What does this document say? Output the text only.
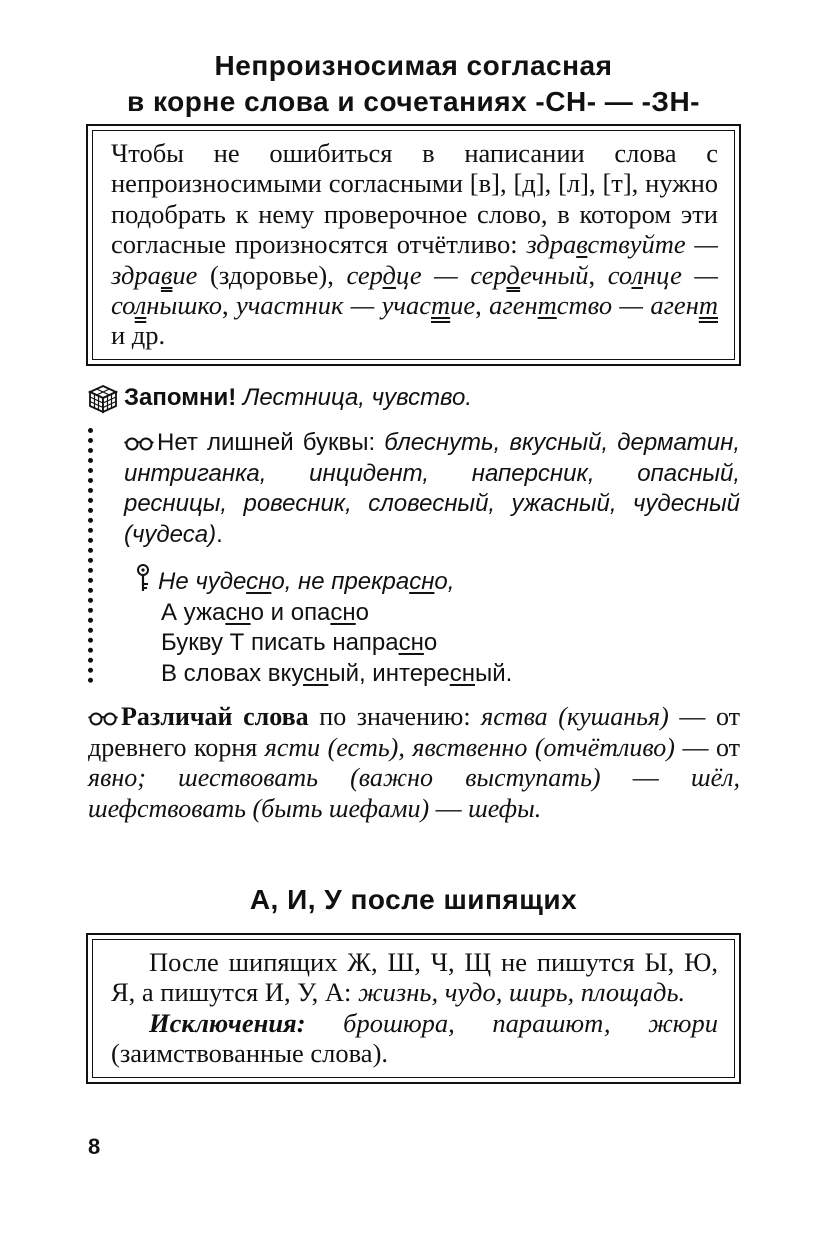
Непроизносимая согласная
в корне слова и сочетаниях -СН- — -ЗН-
Чтобы не ошибиться в написании слова с непроизносимыми согласными [в], [д], [л], [т], нужно подобрать к нему проверочное слово, в котором эти согласные произносятся отчётливо: здравствуйте — здравие (здоровье), сердце — сердечный, солнце — солнышко, участник — участие, агентство — агент и др.
Запомни! Лестница, чувство.
Нет лишней буквы: блеснуть, вкусный, дерматин, интриганка, инцидент, наперсник, опасный, ресницы, ровесник, словесный, ужасный, чудесный (чудеса).
Не чудесно, не прекрасно,
А ужасно и опасно
Букву Т писать напрасно
В словах вкусный, интересный.
Различай слова по значению: яства (кушанья) — от древнего корня ясти (есть), явственно (отчётливо) — от явно; шествовать (важно выступать) — шёл, шефствовать (быть шефами) — шефы.
А, И, У после шипящих
После шипящих Ж, Ш, Ч, Щ не пишутся Ы, Ю, Я, а пишутся И, У, А: жизнь, чудо, ширь, площадь.
Исключения: брошюра, парашют, жюри (заимствованные слова).
8
